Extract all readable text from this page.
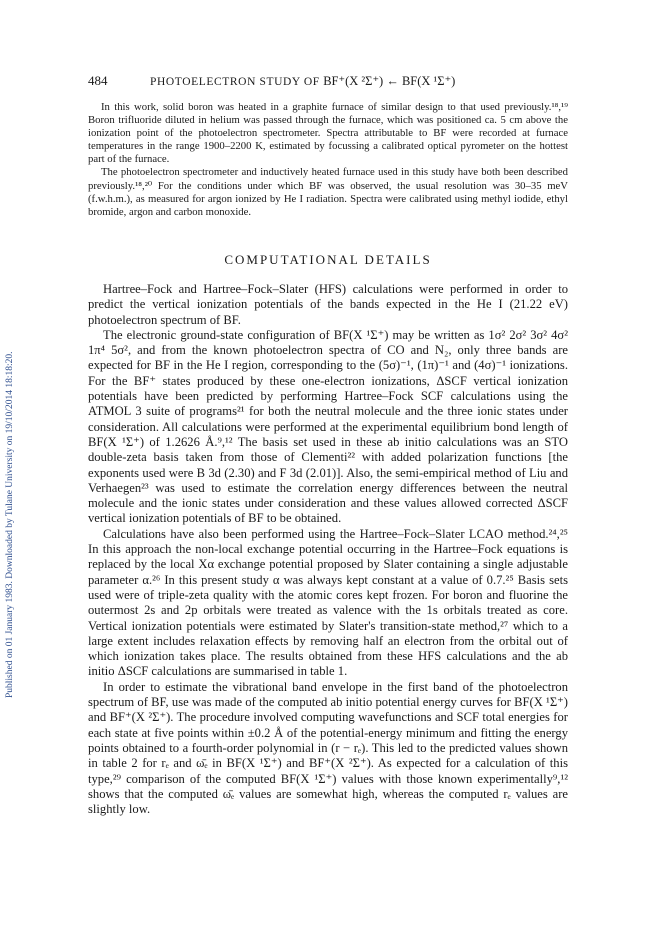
484	PHOTOELECTRON STUDY OF BF⁺(X ²Σ⁺) ← BF(X ¹Σ⁺)
Published on 01 January 1983. Downloaded by Tulane University on 19/10/2014 18:18:20.

In this work, solid boron was heated in a graphite furnace of similar design to that used previously.¹⁸,¹⁹ Boron trifluoride diluted in helium was passed through the furnace, which was positioned ca. 5 cm above the ionization point of the photoelectron spectrometer. Spectra attributable to BF were recorded at furnace temperatures in the range 1900–2200 K, estimated by focussing a calibrated optical pyrometer on the hottest part of the furnace.

The photoelectron spectrometer and inductively heated furnace used in this study have both been described previously.¹⁸,²⁰ For the conditions under which BF was observed, the usual resolution was 30–35 meV (f.w.h.m.), as measured for argon ionized by He I radiation. Spectra were calibrated using methyl iodide, ethyl bromide, argon and carbon monoxide.

COMPUTATIONAL DETAILS

Hartree–Fock and Hartree–Fock–Slater (HFS) calculations were performed in order to predict the vertical ionization potentials of the bands expected in the He I (21.22 eV) photoelectron spectrum of BF.

The electronic ground-state configuration of BF(X ¹Σ⁺) may be written as 1σ² 2σ² 3σ² 4σ² 1π⁴ 5σ², and from the known photoelectron spectra of CO and N₂, only three bands are expected for BF in the He I region, corresponding to the (5σ)⁻¹, (1π)⁻¹ and (4σ)⁻¹ ionizations. For the BF⁺ states produced by these one-electron ionizations, ΔSCF vertical ionization potentials have been predicted by performing Hartree–Fock SCF calculations using the ATMOL 3 suite of programs²¹ for both the neutral molecule and the three ionic states under consideration. All calculations were performed at the experimental equilibrium bond length of BF(X ¹Σ⁺) of 1.2626 Å.⁹,¹² The basis set used in these ab initio calculations was an STO double-zeta basis taken from those of Clementi²² with added polarization functions [the exponents used were B 3d (2.30) and F 3d (2.01)]. Also, the semi-empirical method of Liu and Verhaegen²³ was used to estimate the correlation energy differences between the neutral molecule and the ionic states under consideration and these values allowed corrected ΔSCF vertical ionization potentials of BF to be obtained.

Calculations have also been performed using the Hartree–Fock–Slater LCAO method.²⁴,²⁵ In this approach the non-local exchange potential occurring in the Hartree–Fock equations is replaced by the local Xα exchange potential proposed by Slater containing a single adjustable parameter α.²⁶ In this present study α was always kept constant at a value of 0.7.²⁵ Basis sets used were of triple-zeta quality with the atomic cores kept frozen. For boron and fluorine the outermost 2s and 2p orbitals were treated as valence with the 1s orbitals treated as core. Vertical ionization potentials were estimated by Slater's transition-state method,²⁷ which to a large extent includes relaxation effects by removing half an electron from the orbital out of which ionization takes place. The results obtained from these HFS calculations and the ab initio ΔSCF calculations are summarised in table 1.

In order to estimate the vibrational band envelope in the first band of the photoelectron spectrum of BF, use was made of the computed ab initio potential energy curves for BF(X ¹Σ⁺) and BF⁺(X ²Σ⁺). The procedure involved computing wavefunctions and SCF total energies for each state at five points within ±0.2 Å of the potential-energy minimum and fitting the energy points obtained to a fourth-order polynomial in (r − rₑ). This led to the predicted values shown in table 2 for rₑ and ω̄ₑ in BF(X ¹Σ⁺) and BF⁺(X ²Σ⁺). As expected for a calculation of this type,²⁹ comparison of the computed BF(X ¹Σ⁺) values with those known experimentally⁹,¹² shows that the computed ω̄ₑ values are somewhat high, whereas the computed rₑ values are slightly low.
